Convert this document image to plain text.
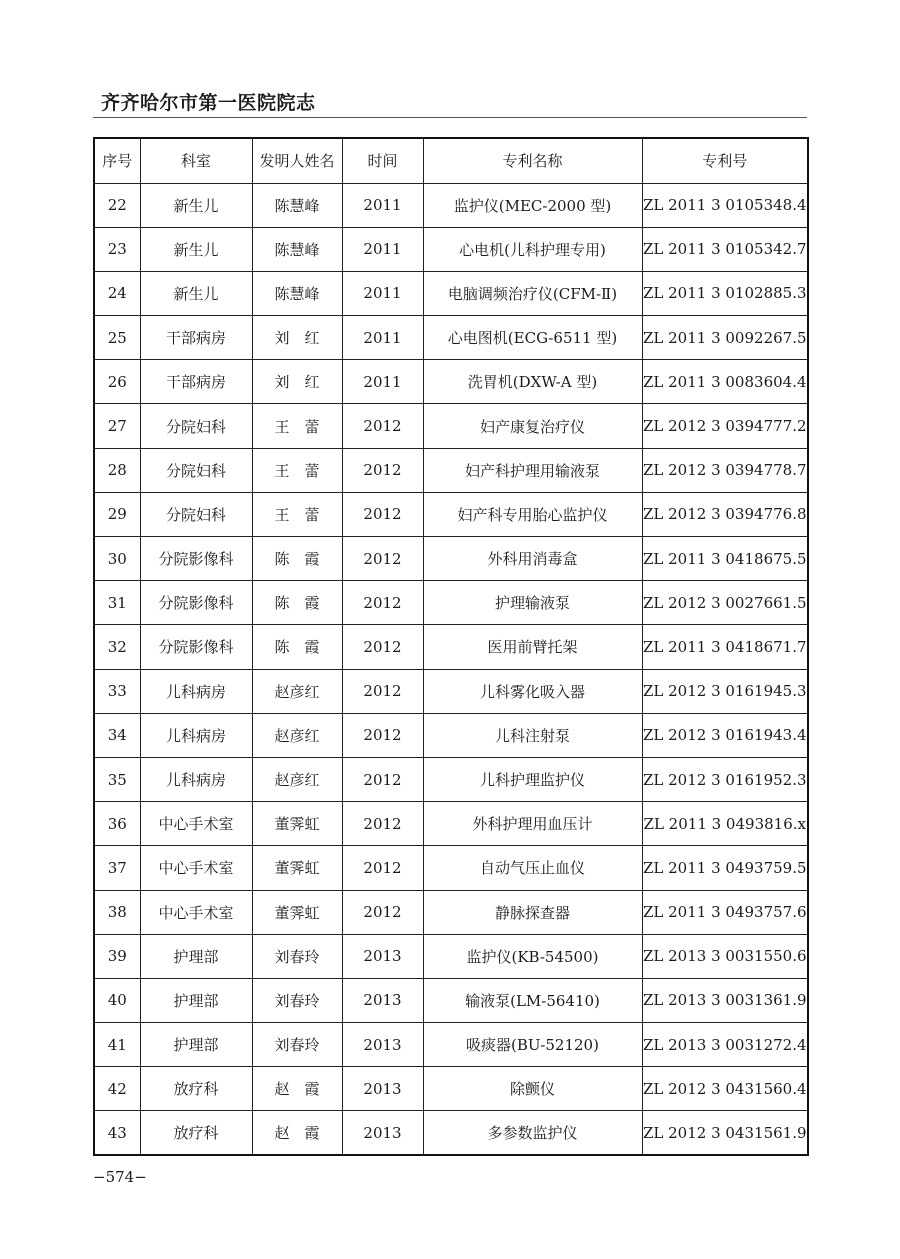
齐齐哈尔市第一医院院志
序号	科室	发明人姓名	时间	专利名称	专利号
22	新生儿	陈慧峰	2011	监护仪(MEC-2000 型)	ZL 2011 3 0105348.4
23	新生儿	陈慧峰	2011	心电机(儿科护理专用)	ZL 2011 3 0105342.7
24	新生儿	陈慧峰	2011	电脑调频治疗仪(CFM-Ⅱ)	ZL 2011 3 0102885.3
25	干部病房	刘　红	2011	心电图机(ECG-6511 型)	ZL 2011 3 0092267.5
26	干部病房	刘　红	2011	洗胃机(DXW-A 型)	ZL 2011 3 0083604.4
27	分院妇科	王　蕾	2012	妇产康复治疗仪	ZL 2012 3 0394777.2
28	分院妇科	王　蕾	2012	妇产科护理用输液泵	ZL 2012 3 0394778.7
29	分院妇科	王　蕾	2012	妇产科专用胎心监护仪	ZL 2012 3 0394776.8
30	分院影像科	陈　霞	2012	外科用消毒盒	ZL 2011 3 0418675.5
31	分院影像科	陈　霞	2012	护理输液泵	ZL 2012 3 0027661.5
32	分院影像科	陈　霞	2012	医用前臂托架	ZL 2011 3 0418671.7
33	儿科病房	赵彦红	2012	儿科雾化吸入器	ZL 2012 3 0161945.3
34	儿科病房	赵彦红	2012	儿科注射泵	ZL 2012 3 0161943.4
35	儿科病房	赵彦红	2012	儿科护理监护仪	ZL 2012 3 0161952.3
36	中心手术室	董霁虹	2012	外科护理用血压计	ZL 2011 3 0493816.x
37	中心手术室	董霁虹	2012	自动气压止血仪	ZL 2011 3 0493759.5
38	中心手术室	董霁虹	2012	静脉探查器	ZL 2011 3 0493757.6
39	护理部	刘春玲	2013	监护仪(KB-54500)	ZL 2013 3 0031550.6
40	护理部	刘春玲	2013	输液泵(LM-56410)	ZL 2013 3 0031361.9
41	护理部	刘春玲	2013	吸痰器(BU-52120)	ZL 2013 3 0031272.4
42	放疗科	赵　霞	2013	除颤仪	ZL 2012 3 0431560.4
43	放疗科	赵　霞	2013	多参数监护仪	ZL 2012 3 0431561.9
−574−
